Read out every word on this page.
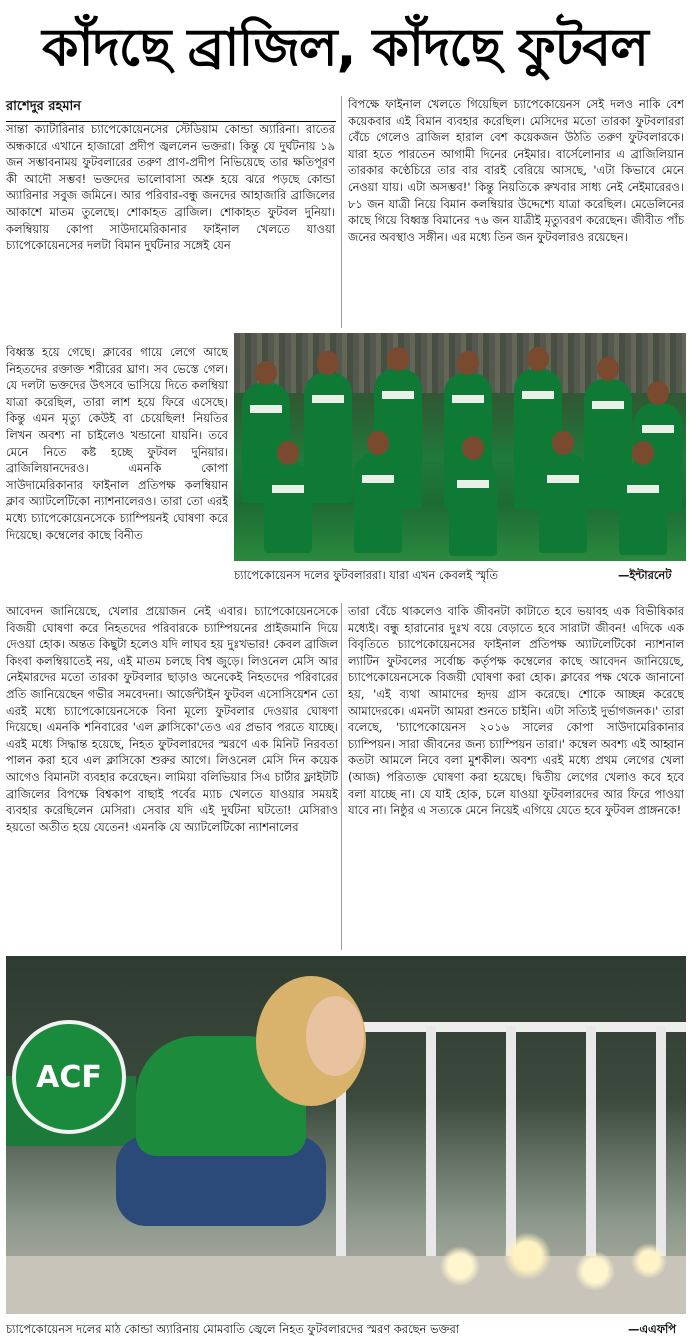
কাঁদছে ব্রাজিল, কাঁদছে ফুটবল
রাশেদুর রহমান

সান্তা ক্যাটারিনার চ্যাপেকোয়েনসের স্টেডিয়াম কোন্ডা অ্যারিনা। রাতের অন্ধকারে এখানে হাজারো প্রদীপ জ্বললেন ভক্তরা। কিন্তু যে দুর্ঘটনায় ১৯ জন সম্ভাবনাময় ফুটবলারের তরুণ প্রাণ-প্রদীপ নিভিয়েছে তার ক্ষতিপূরণ কী আদৌ সম্ভব! ভক্তদের ভালোবাসা অশ্রু হয়ে ঝরে পড়ছে কোন্ডা অ্যারিনার সবুজ জমিনে। আর পরিবার-বন্ধু জনদের আহাজারি ব্রাজিলের আকাশে মাতম তুলেছে। শোকাহত ব্রাজিল। শোকাহত ফুটবল দুনিয়া। কলম্বিয়ায় কোপা সাউদামেরিকানার ফাইনাল খেলতে যাওয়া চ্যাপেকোয়েনসের দলটা বিমান দুর্ঘটনার সঙ্গেই যেন

বিধ্বস্ত হয়ে গেছে। ক্লাবের গায়ে লেগে আছে নিহতদের রক্তাক্ত শরীরের ঘ্রাণ। সব ভেস্তে গেল। যে দলটা ভক্তদের উৎসবে ভাসিয়ে দিতে কলম্বিয়া যাত্রা করেছিল, তারা লাশ হয়ে ফিরে এসেছে। কিন্তু এমন মৃত্যু কেউই বা চেয়েছিল! নিয়তির লিখন অবশ্য না চাইলেও খন্ডানো যায়নি। তবে মেনে নিতে কষ্ট হচ্ছে ফুটবল দুনিয়ার। ব্রাজিলিয়ানদেরও। এমনকি কোপা সাউদামেরিকানার ফাইনাল প্রতিপক্ষ কলম্বিয়ান ক্লাব অ্যাটলেটিকো ন্যাশনালেরও। তারা তো এরই মধ্যে চ্যাপেকোয়েনসেকে চ্যাম্পিয়নই ঘোষণা করে দিয়েছে। কম্বেলের কাছে বিনীত

বিপক্ষে ফাইনাল খেলতে গিয়েছিল চ্যাপেকোয়েনস সেই দলও নাকি বেশ কয়েকবার এই বিমান ব্যবহার করেছিল। মেসিদের মতো তারকা ফুটবলাররা বেঁচে গেলেও ব্রাজিল হারাল বেশ কয়েকজন উঠতি তরুণ ফুটবলারকে। যারা হতে পারতেন আগামী দিনের নেইমার। বার্সেলোনার এ ব্রাজিলিয়ান তারকার কণ্ঠেচিরে তার বার বারই বেরিয়ে আসছে, 'এটা কিভাবে মেনে নেওয়া যায়। এটা অসম্ভব!' কিন্তু নিয়তিকে রুখবার সাধ্য নেই নেইমারেরও। ৮১ জন যাত্রী নিয়ে বিমান কলম্বিয়ার উদ্দেশ্যে যাত্রা করেছিল। মেডেলিনের কাছে গিয়ে বিধ্বস্ত বিমানের ৭৬ জন যাত্রীই মৃত্যুবরণ করেছেন। জীবীত পাঁচ জনের অবস্থাও সঙ্গীন। এর মধ্যে তিন জন ফুটবলারও রয়েছেন।

চ্যাপেকোয়েনস দলের ফুটবলাররা। যারা এখন কেবলই স্মৃতি	—ইন্টারনেট

আবেদন জানিয়েছে, খেলার প্রয়োজন নেই এবার। চ্যাপেকোয়েনসেকে বিজয়ী ঘোষণা করে নিহতদের পরিবারকে চ্যাম্পিয়নের প্রাইজমানি দিয়ে দেওয়া হোক। অন্তত কিছুটা হলেও যদি লাঘব হয় দুঃখভার! কেবল ব্রাজিল কিংবা কলম্বিয়াতেই নয়, এই মাতম চলছে বিশ্ব জুড়ে। লিওনেল মেসি আর নেইমারদের মতো তারকা ফুটবলার ছাড়াও অনেকেই নিহতদের পরিবারের প্রতি জানিয়েছেন গভীর সমবেদনা। আর্জেন্টাইন ফুটবল এসোসিয়েশন তো এরই মধ্যে চ্যাপেকোয়েনসেকে বিনা মূল্যে ফুটবলার দেওয়ার ঘোষণা দিয়েছে। এমনকি শনিবারের 'এল ক্লাসিকো'তেও এর প্রভাব পরতে যাচ্ছে। এরই মধ্যে সিদ্ধান্ত হয়েছে, নিহত ফুটবলারদের স্মরণে এক মিনিট নিরবতা পালন করা হবে এল ক্লাসিকো শুরুর আগে। লিওনেল মেসি দিন কয়েক আগেও বিমানটা ব্যবহার করেছেন। লামিয়া বলিভিয়ার সিএ চার্টার ফ্লাইটটি ব্রাজিলের বিপক্ষে বিশ্বকাপ বাছাই পর্বের ম্যাচ খেলতে যাওয়ার সময়ই ব্যবহার করেছিলেন মেসিরা। সেবার যদি এই দুর্ঘটনা ঘটতো! মেসিরাও হয়তো অতীত হয়ে যেতেন! এমনকি যে অ্যাটলেটিকো ন্যাশনালের

তারা বেঁচে থাকলেও বাকি জীবনটা কাটাতে হবে ভয়াবহ এক বিভীষিকার মধ্যেই। বন্ধু হারানোর দুঃখ বয়ে বেড়াতে হবে সারাটা জীবন! এদিকে এক বিবৃতিতে চ্যাপেকোয়েনসের ফাইনাল প্রতিপক্ষ অ্যাটলেটিকো ন্যাশনাল ল্যাটিন ফুটবলের সর্বোচ্চ কর্তৃপক্ষ কম্বেলের কাছে আবেদন জানিয়েছে, চ্যাপেকোয়েনসেকে বিজয়ী ঘোষণা করা হোক। ক্লাবের পক্ষ থেকে জানানো হয়, 'এই ব্যথা আমাদের হৃদয় গ্রাস করেছে। শোকে আচ্ছন্ন করেছে আমাদেরকে। এমনটা আমরা শুনতে চাইনি। এটা সত্যিই দুর্ভাগজনক।' তারা বলেছে, 'চ্যাপেকোয়েনস ২০১৬ সালের কোপা সাউদামেরিকানার চ্যাম্পিয়ন। সারা জীবনের জন্য চ্যাম্পিয়ন তারা।' কম্বেল অবশ্য এই আহ্বান কতটা আমলে নিবে বলা মুশকীল। অবশ্য এরই মধ্যে প্রথম লেগের খেলা (আজ) পরিত্যক্ত ঘোষণা করা হয়েছে। দ্বিতীয় লেগের খেলাও কবে হবে বলা যাচ্ছে না। যে যাই হোক, চলে যাওয়া ফুটবলারদের আর ফিরে পাওয়া যাবে না। নিষ্ঠুর এ সত্যকে মেনে নিয়েই এগিয়ে যেতে হবে ফুটবল প্রাঙ্গনকে!

ACF
চ্যাপেকোয়েনস দলের মাঠ কোন্ডা অ্যারিনায় মোমবাতি জ্বেলে নিহত ফুটবলারদের স্মরণ করছেন ভক্তরা	—এএফপি
